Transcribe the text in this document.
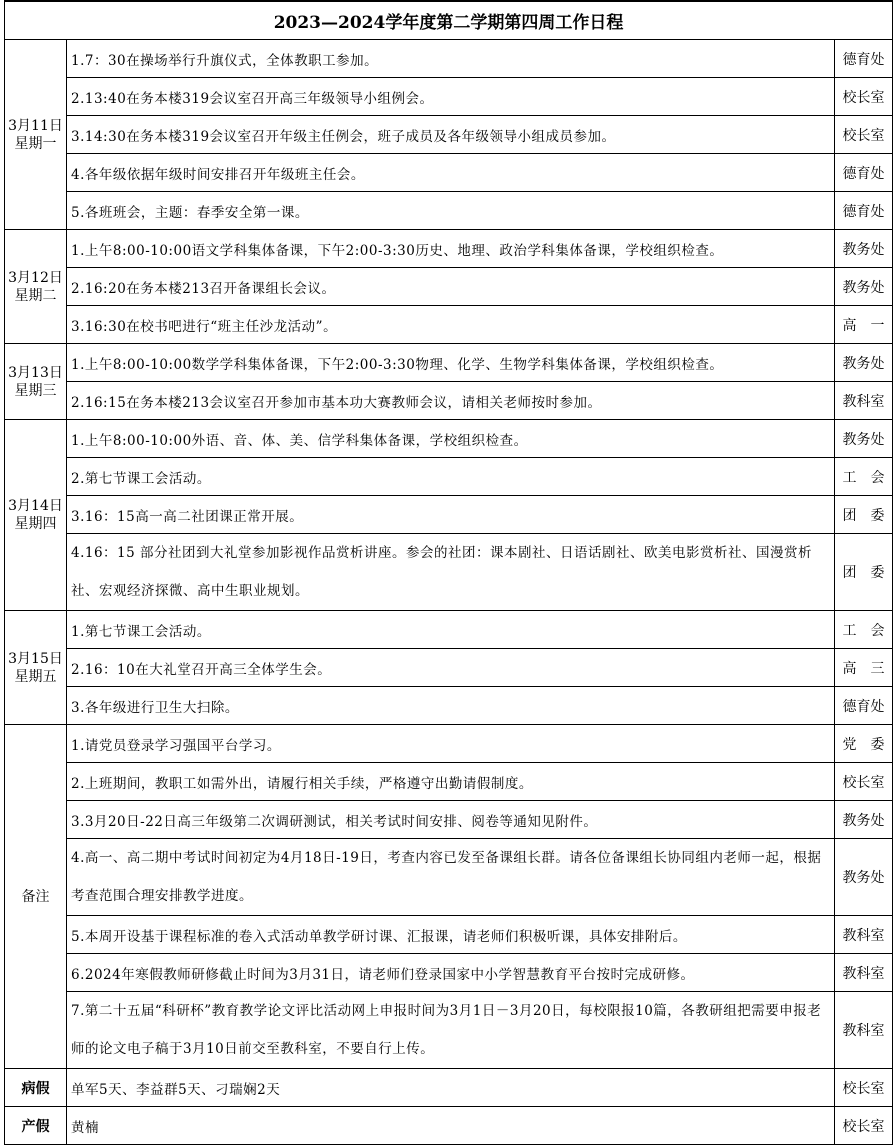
2023—2024学年度第二学期第四周工作日程		

3月11日
星期一	1.7：30在操场举行升旗仪式，全体教职工参加。	德育处
	2.13:40在务本楼319会议室召开高三年级领导小组例会。	校长室
	3.14:30在务本楼319会议室召开年级主任例会，班子成员及各年级领导小组成员参加。	校长室
	4.各年级依据年级时间安排召开年级班主任会。	德育处
	5.各班班会，主题：春季安全第一课。	德育处

3月12日
星期二	1.上午8:00-10:00语文学科集体备课，下午2:00-3:30历史、地理、政治学科集体备课，学校组织检查。	教务处
	2.16:20在务本楼213召开备课组长会议。	教务处
	3.16:30在校书吧进行“班主任沙龙活动”。	高　一

3月13日
星期三	1.上午8:00-10:00数学学科集体备课，下午2:00-3:30物理、化学、生物学科集体备课，学校组织检查。	教务处
	2.16:15在务本楼213会议室召开参加市基本功大赛教师会议，请相关老师按时参加。	教科室

3月14日
星期四	1.上午8:00-10:00外语、音、体、美、信学科集体备课，学校组织检查。	教务处
	2.第七节课工会活动。	工　会
	3.16：15高一高二社团课正常开展。	团　委
	4.16：15 部分社团到大礼堂参加影视作品赏析讲座。参会的社团：课本剧社、日语话剧社、欧美电影赏析社、国漫赏析社、宏观经济探微、高中生职业规划。	团　委

3月15日
星期五	1.第七节课工会活动。	工　会
	2.16：10在大礼堂召开高三全体学生会。	高　三
	3.各年级进行卫生大扫除。	德育处
备注	1.请党员登录学习强国平台学习。	党　委
	2.上班期间，教职工如需外出，请履行相关手续，严格遵守出勤请假制度。	校长室
	3.3月20日-22日高三年级第二次调研测试，相关考试时间安排、阅卷等通知见附件。	教务处
	4.高一、高二期中考试时间初定为4月18日-19日，考查内容已发至备课组长群。请各位备课组长协同组内老师一起，根据考查范围合理安排教学进度。	教务处
	5.本周开设基于课程标准的卷入式活动单教学研讨课、汇报课，请老师们积极听课，具体安排附后。	教科室
	6.2024年寒假教师研修截止时间为3月31日，请老师们登录国家中小学智慧教育平台按时完成研修。	教科室
	7.第二十五届“科研杯”教育教学论文评比活动网上申报时间为3月1日－3月20日，每校限报10篇，各教研组把需要申报老师的论文电子稿于3月10日前交至教科室，不要自行上传。	教科室
病假	单军5天、李益群5天、刁瑞娴2天	校长室
产假	黄楠	校长室
